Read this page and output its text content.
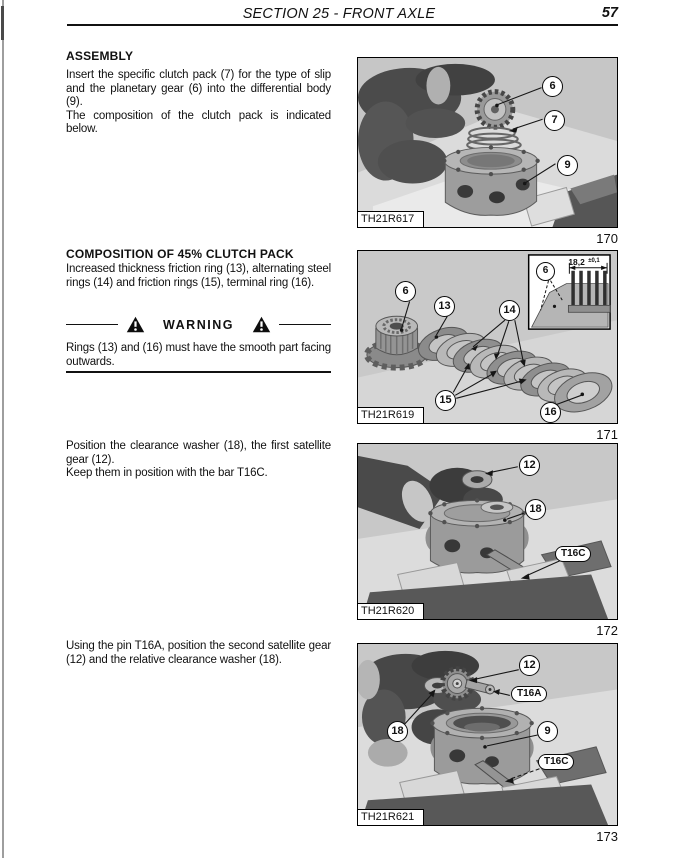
SECTION 25 - FRONT AXLE	57
ASSEMBLY

Insert the specific clutch pack (7) for the type of slip and the planetary gear (6) into the differential body (9).

The composition of the clutch pack is indicated below.

COMPOSITION OF 45% CLUTCH PACK

Increased thickness friction ring (13), alternating steel rings (14) and friction rings (15), terminal ring (16).

WARNING

Rings (13) and (16) must have the smooth part facing outwards.

Position the clearance washer (18), the first satellite gear (12).

Keep them in position with the bar T16C.

Using the pin T16A, position the second satellite gear (12) and the relative clearance washer (18).

6
7
9
TH21R617
170
18,2 ±0,1
6
13	14
15
16
6
TH21R619
171
12
18
T16C
TH21R620
172
12
T16A
18	9
T16C
TH21R621
173
